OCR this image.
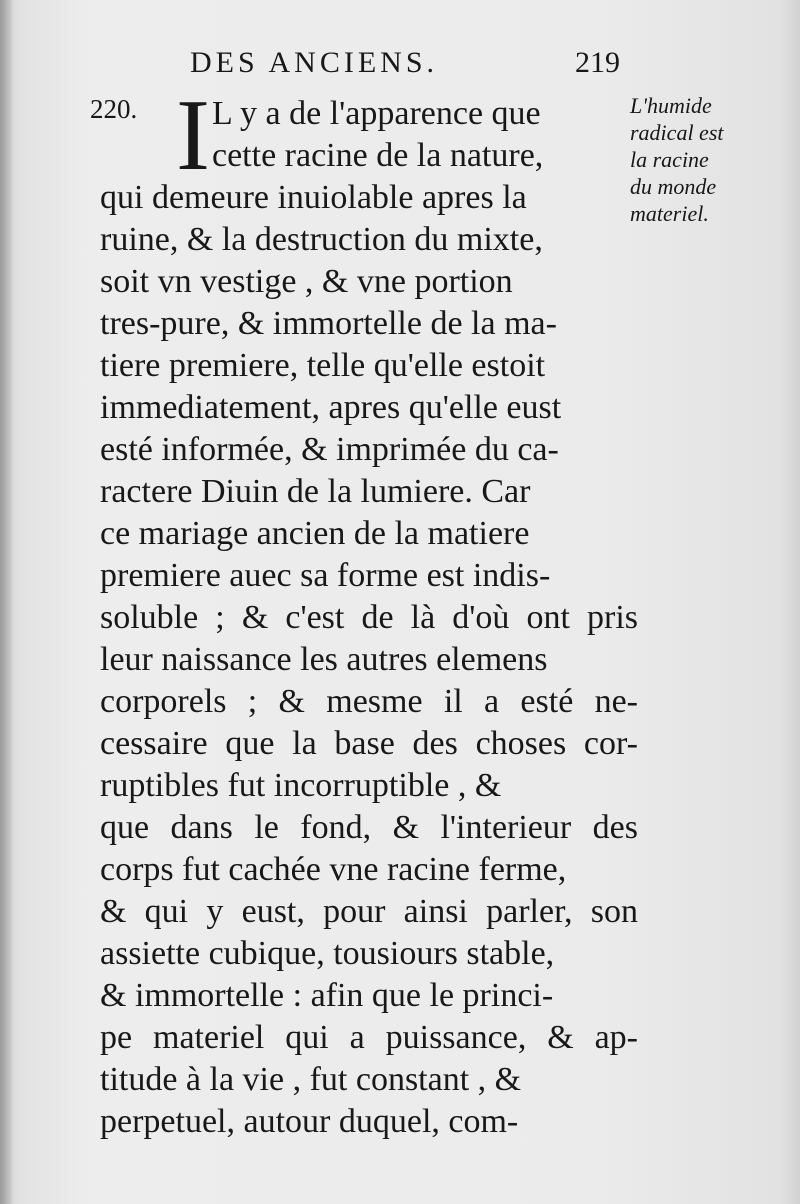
DES ANCIENS.	219
220. I L y a de l'apparence que
cette racine de la nature,
qui demeure inuiolable apres la
ruine, & la destruction du mixte,
soit vn vestige , & vne portion
tres-pure, & immortelle de la ma-
tiere premiere, telle qu'elle estoit
immediatement, apres qu'elle eust
esté informée, & imprimée du ca-
ractere Diuin de la lumiere. Car
ce mariage ancien de la matiere
premiere auec sa forme est indis-
soluble ; & c'est de là d'où ont pris
leur naissance les autres elemens
corporels ; & mesme il a esté ne-
cessaire que la base des choses cor-
ruptibles fut incorruptible , &
que dans le fond, & l'interieur des
corps fut cachée vne racine ferme,
& qui y eust, pour ainsi parler, son
assiette cubique, tousiours stable,
& immortelle : afin que le princi-
pe materiel qui a puissance, & ap-
titude à la vie , fut constant , &
perpetuel, autour duquel, com-
L'humide
radical est
la racine
du monde
materiel.
